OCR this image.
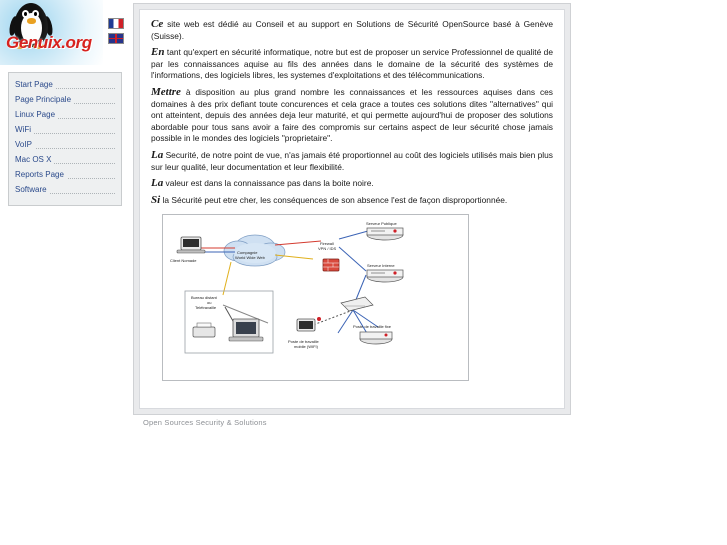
Genuix.org
Start Page
Page Principale
Linux Page
WiFi
VoIP
Mac OS X
Reports Page
Software

Ce site web est dédié au Conseil et au support en Solutions de Sécurité OpenSource basé à Genève (Suisse).

En tant qu'expert en sécurité informatique, notre but est de proposer un service Professionnel de qualité de par les connaissances aquise au fils des années dans le domaine de la sécurité des systèmes de l'informations, des logiciels libres, les systemes d'exploitations et des télécommunications.

Mettre à disposition au plus grand nombre les connaissances et les ressources aquises dans ces domaines à des prix defiant toute concurences et cela grace a toutes ces solutions dites "alternatives" qui ont atteintent, depuis des années deja leur maturité, et qui permette aujourd'hui de proposer des solutions abordable pour tous sans avoir a faire des compromis sur certains aspect de leur sécurité chose jamais possible in le mondes des logiciels "proprietaire".

La Securité, de notre point de vue, n'as jamais été proportionnel au coût des logiciels utilisés mais bien plus sur leur qualité, leur documentation et leur flexibilité.

La valeur est dans la connaissance pas dans la boite noire.

Si la Sécurité peut etre cher, les conséquences de son absence l'est de façon disproportionnée.

Client Nomade
Compagnie
World Wide Web
Firewall
VPN / IDS
Serveur Publique
Serveur Interne
Bureau distant
ou
Telétravaille
Poste de travaille
mobile (WIFI)
Poste de travaille fixe
Open Sources Security & Solutions
